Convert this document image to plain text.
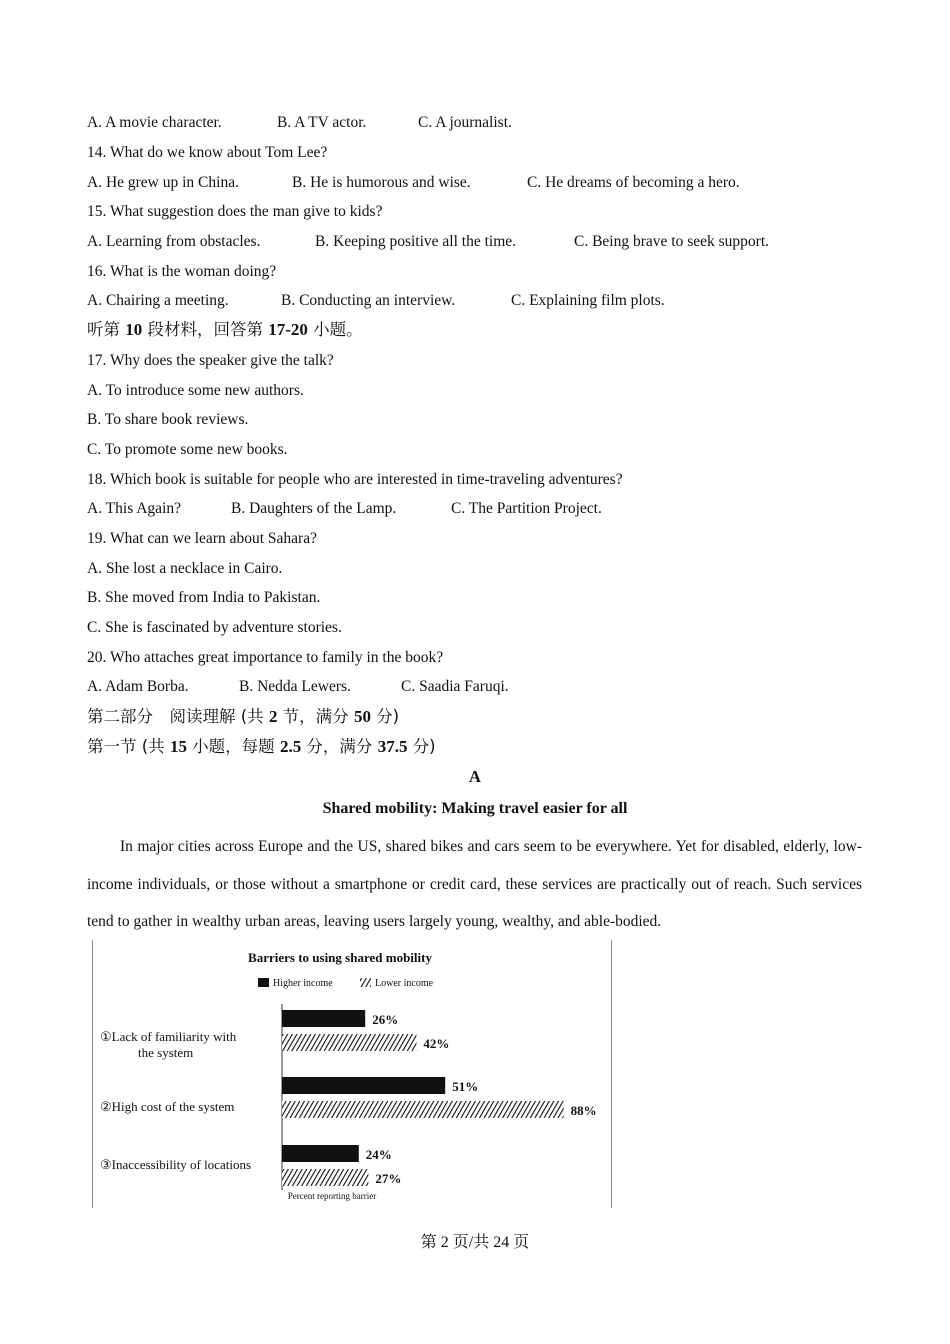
A. A movie character.	B. A TV actor.	C. A journalist.
14. What do we know about Tom Lee?
A. He grew up in China.	B. He is humorous and wise.	C. He dreams of becoming a hero.
15. What suggestion does the man give to kids?
A. Learning from obstacles.	B. Keeping positive all the time.	C. Being brave to seek support.
16. What is the woman doing?
A. Chairing a meeting.	B. Conducting an interview.	C. Explaining film plots.
听第 10 段材料，回答第 17-20 小题。
17. Why does the speaker give the talk?
A. To introduce some new authors.
B. To share book reviews.
C. To promote some new books.
18. Which book is suitable for people who are interested in time-traveling adventures?
A. This Again?	B. Daughters of the Lamp.	C. The Partition Project.
19. What can we learn about Sahara?
A. She lost a necklace in Cairo.
B. She moved from India to Pakistan.
C. She is fascinated by adventure stories.
20. Who attaches great importance to family in the book?
A. Adam Borba.	B. Nedda Lewers.	C. Saadia Faruqi.
第二部分　阅读理解 (共 2 节，满分 50 分)
第一节 (共 15 小题，每题 2.5 分，满分 37.5 分)
A
Shared mobility: Making travel easier for all
In major cities across Europe and the US, shared bikes and cars seem to be everywhere. Yet for disabled, elderly, low-income individuals, or those without a smartphone or credit card, these services are practically out of reach. Such services tend to gather in wealthy urban areas, leaving users largely young, wealthy, and able-bodied.
Barriers to using shared mobility
Higher income	Lower income
①Lack of familiarity with the system
②High cost of the system
③Inaccessibility of locations
26%
42%
51%
88%
24%
27%
Percent reporting barrier
第 2 页/共 24 页
